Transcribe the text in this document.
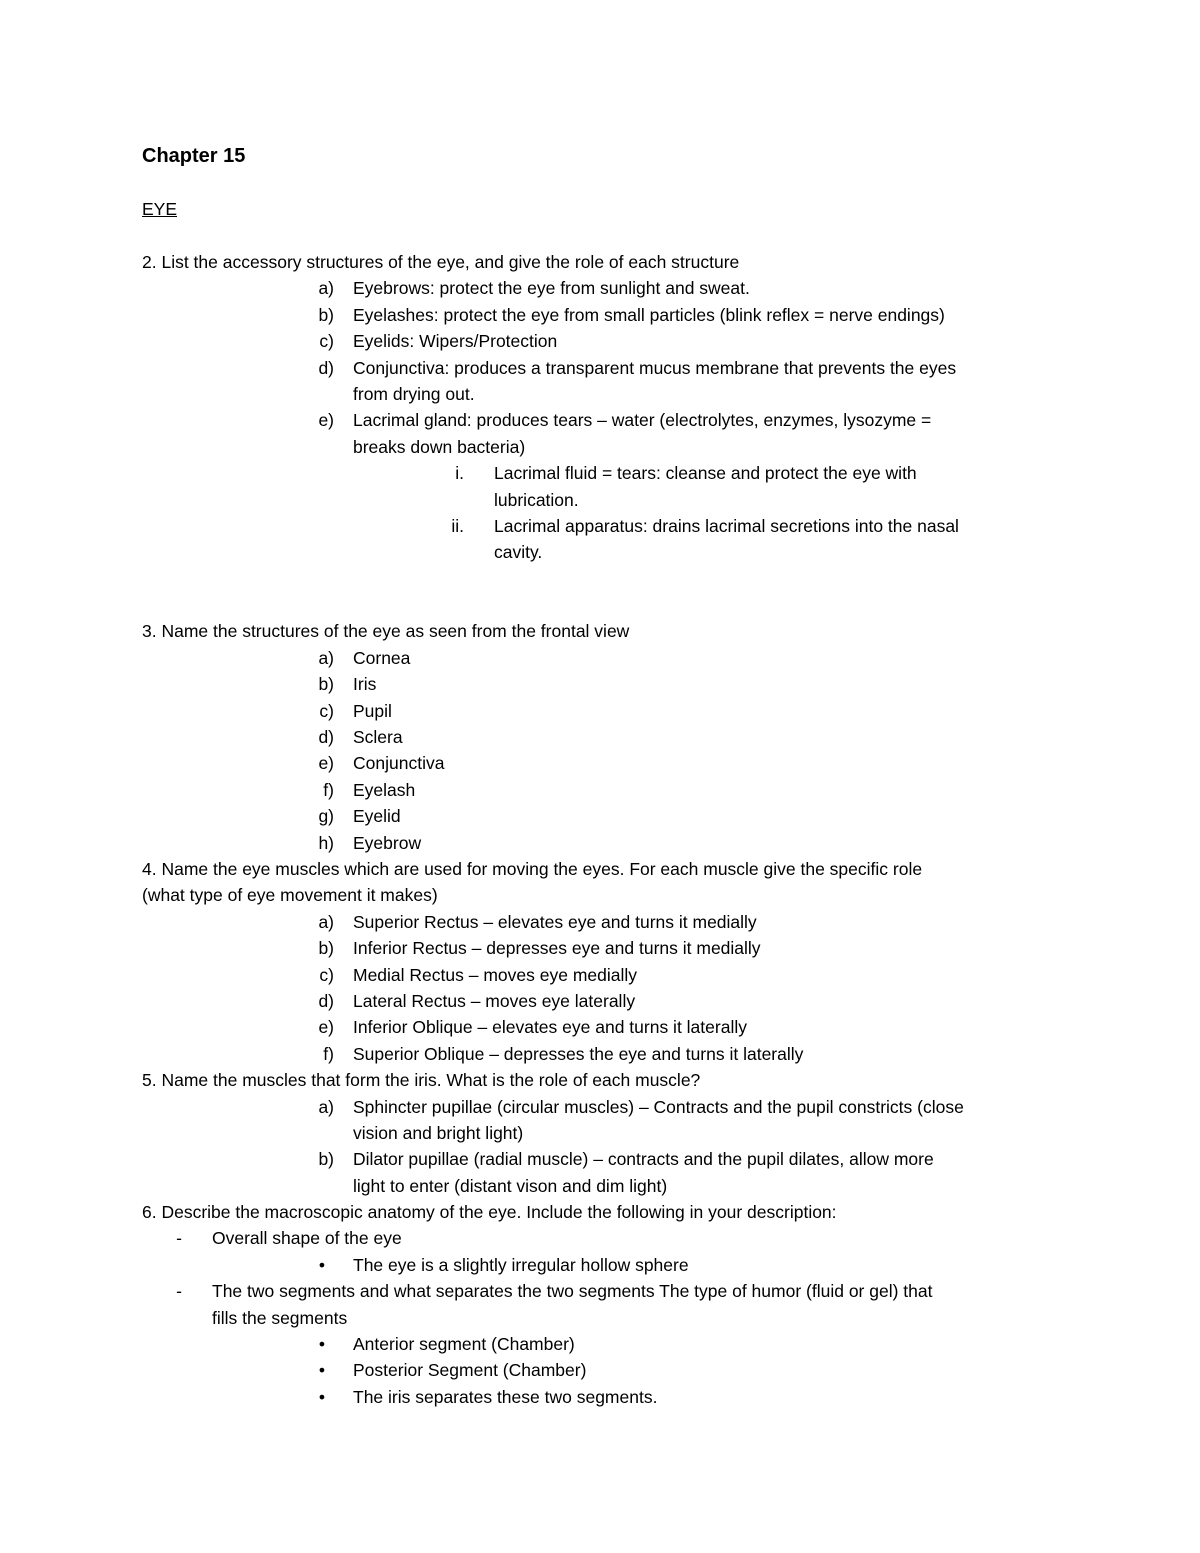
Chapter 15
EYE
2. List the accessory structures of the eye, and give the role of each structure
a) Eyebrows: protect the eye from sunlight and sweat.
b) Eyelashes: protect the eye from small particles (blink reflex = nerve endings)
c) Eyelids: Wipers/Protection
d) Conjunctiva: produces a transparent mucus membrane that prevents the eyes
from drying out.
e) Lacrimal gland: produces tears – water (electrolytes, enzymes, lysozyme =
breaks down bacteria)
i. Lacrimal fluid = tears: cleanse and protect the eye with
lubrication.
ii. Lacrimal apparatus: drains lacrimal secretions into the nasal
cavity.
3. Name the structures of the eye as seen from the frontal view
a) Cornea
b) Iris
c) Pupil
d) Sclera
e) Conjunctiva
f) Eyelash
g) Eyelid
h) Eyebrow
4. Name the eye muscles which are used for moving the eyes. For each muscle give the specific role
(what type of eye movement it makes)
a) Superior Rectus – elevates eye and turns it medially
b) Inferior Rectus – depresses eye and turns it medially
c) Medial Rectus – moves eye medially
d) Lateral Rectus – moves eye laterally
e) Inferior Oblique – elevates eye and turns it laterally
f) Superior Oblique – depresses the eye and turns it laterally
5. Name the muscles that form the iris. What is the role of each muscle?
a) Sphincter pupillae (circular muscles) – Contracts and the pupil constricts (close
vision and bright light)
b) Dilator pupillae (radial muscle) – contracts and the pupil dilates, allow more
light to enter (distant vison and dim light)
6. Describe the macroscopic anatomy of the eye. Include the following in your description:
- Overall shape of the eye
• The eye is a slightly irregular hollow sphere
- The two segments and what separates the two segments The type of humor (fluid or gel) that
fills the segments
• Anterior segment (Chamber)
• Posterior Segment (Chamber)
• The iris separates these two segments.
